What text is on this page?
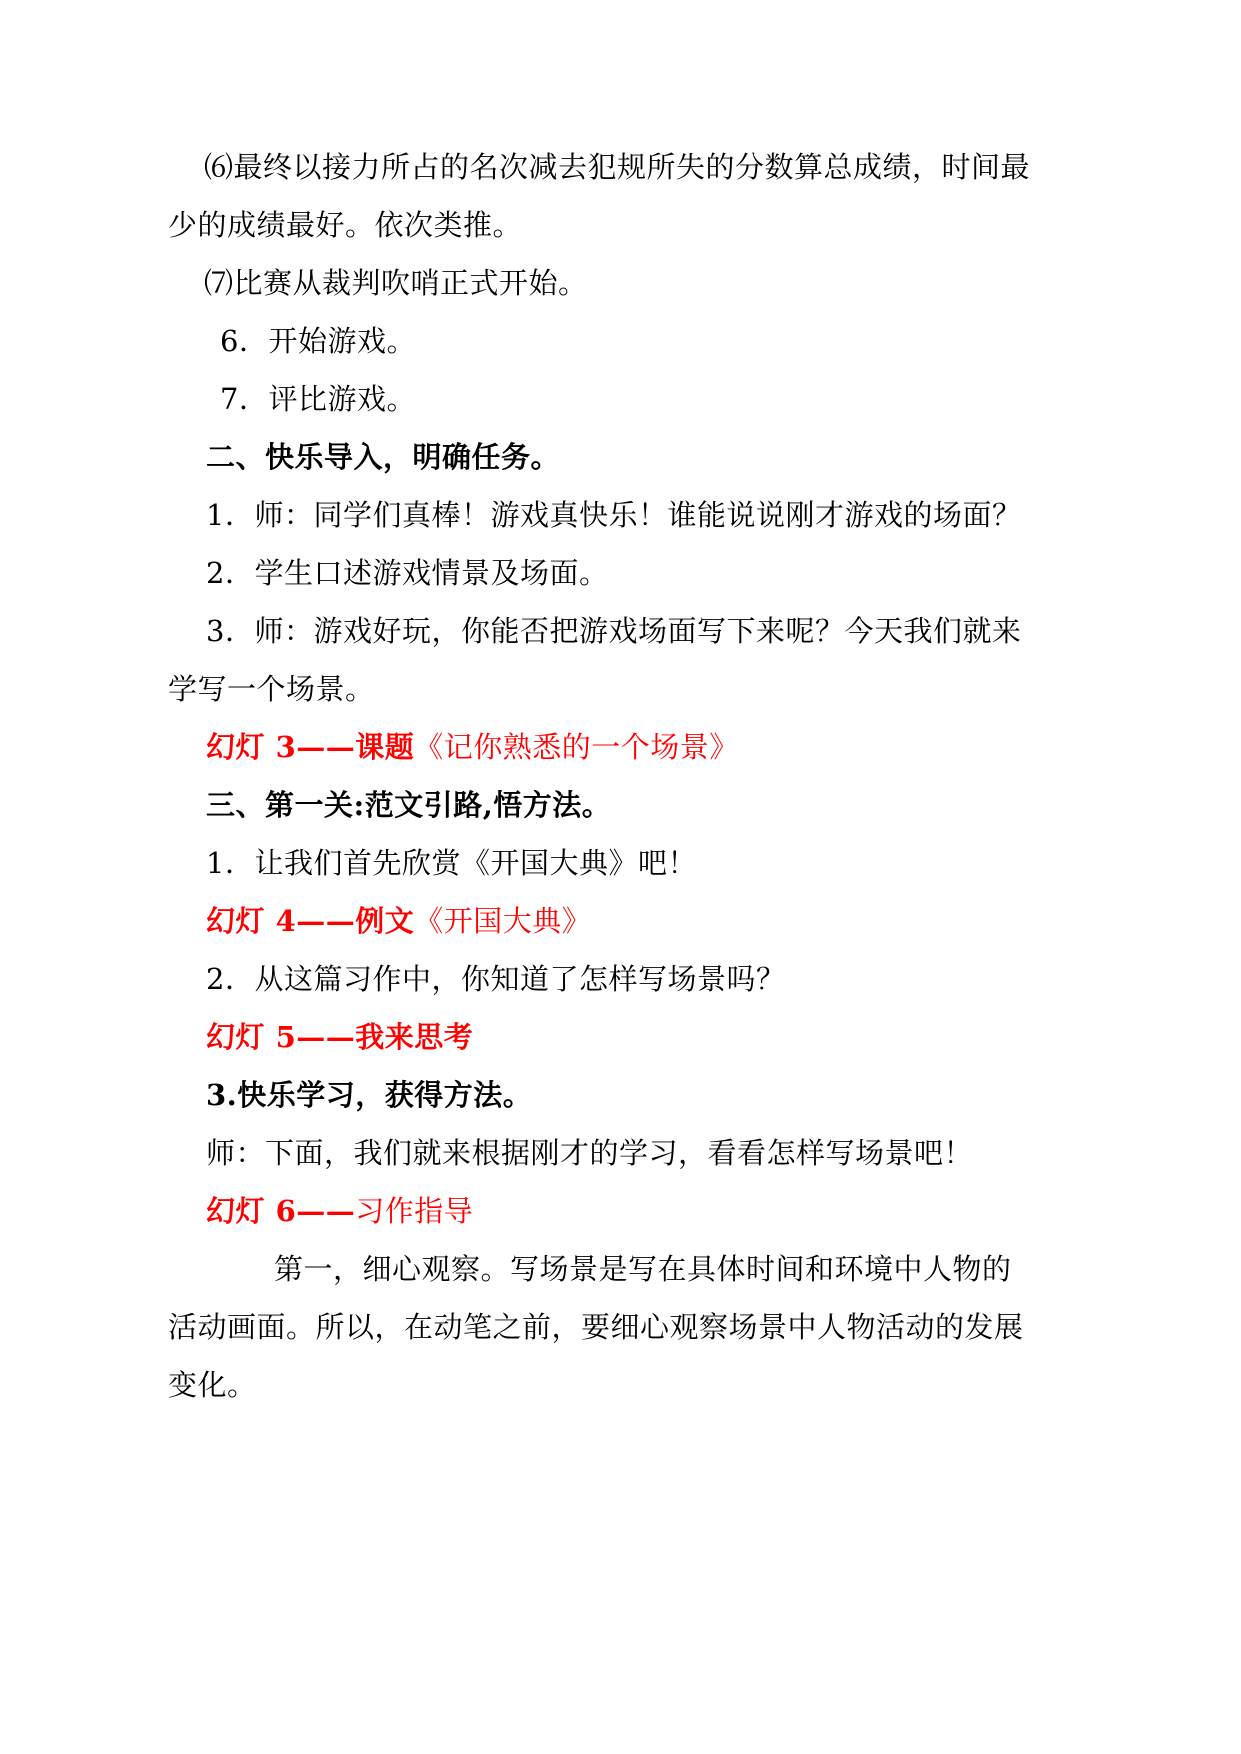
⑹最终以接力所占的名次减去犯规所失的分数算总成绩，时间最
少的成绩最好。依次类推。
⑺比赛从裁判吹哨正式开始。
6．开始游戏。
7．评比游戏。
二、快乐导入，明确任务。
1．师：同学们真棒！游戏真快乐！谁能说说刚才游戏的场面？
2．学生口述游戏情景及场面。
3．师：游戏好玩，你能否把游戏场面写下来呢？今天我们就来
学写一个场景。
幻灯 3——课题《记你熟悉的一个场景》
三、第一关:范文引路,悟方法。
1．让我们首先欣赏《开国大典》吧！
幻灯 4——例文《开国大典》
2．从这篇习作中，你知道了怎样写场景吗？
幻灯 5——我来思考
3.快乐学习，获得方法。
师：下面，我们就来根据刚才的学习，看看怎样写场景吧！
幻灯 6——习作指导
第一，细心观察。写场景是写在具体时间和环境中人物的
活动画面。所以，在动笔之前，要细心观察场景中人物活动的发展
变化。
